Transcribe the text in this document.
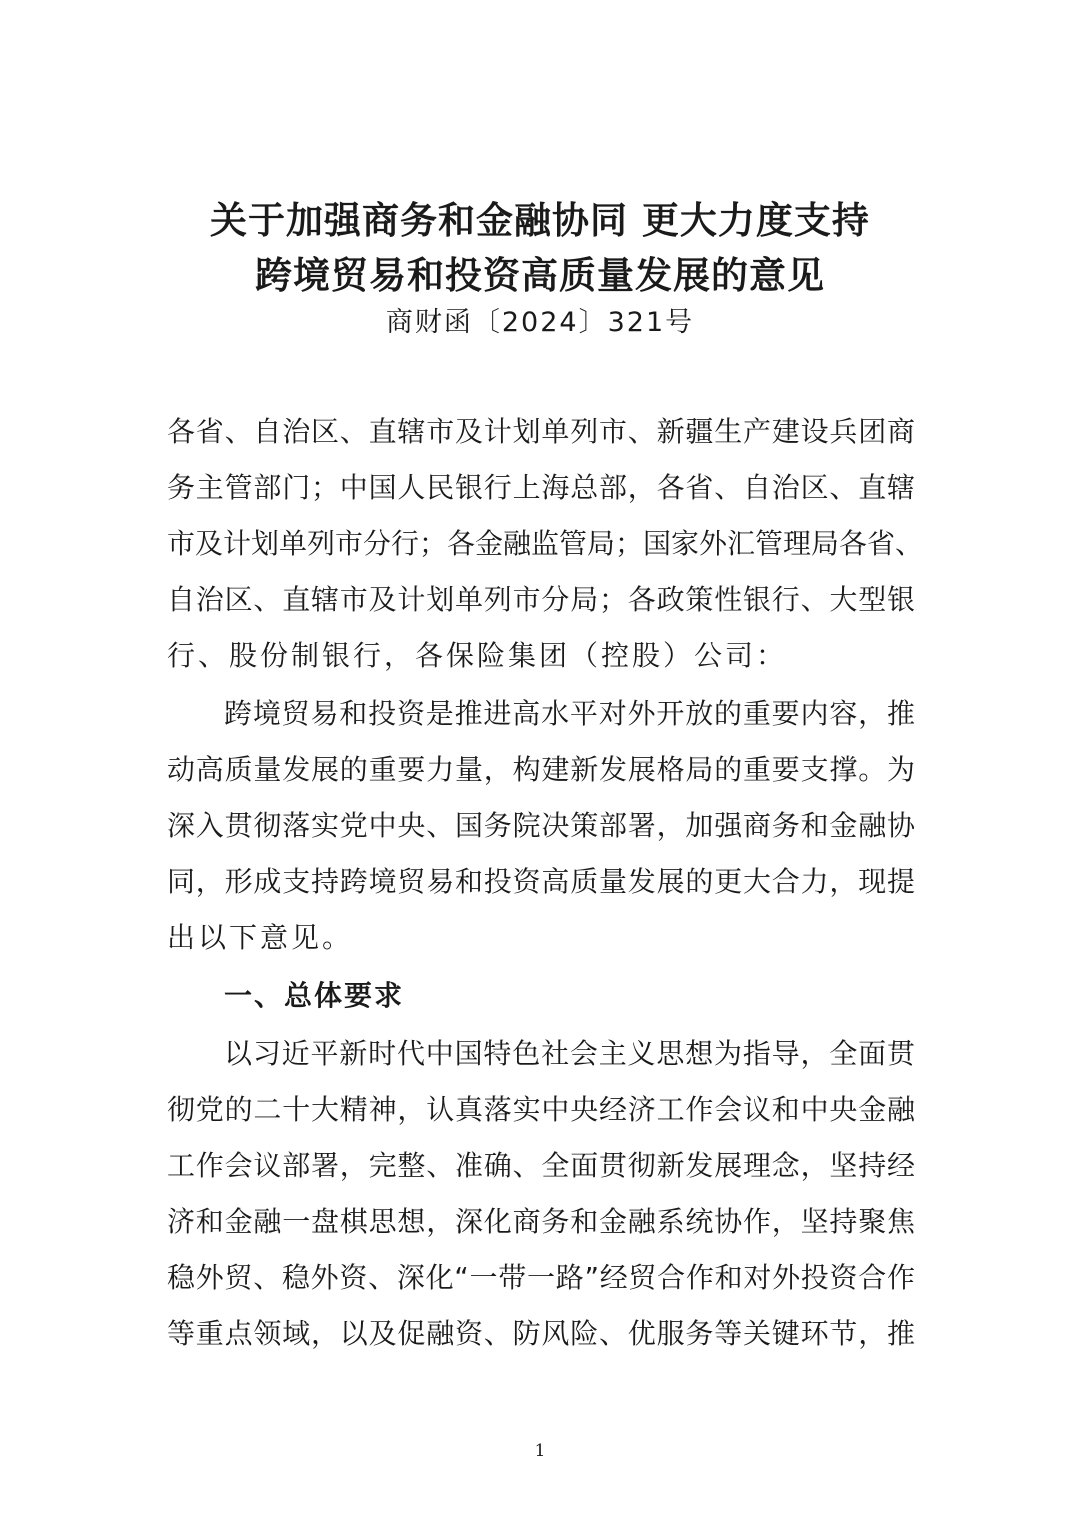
关于加强商务和金融协同 更大力度支持
跨境贸易和投资高质量发展的意见
商财函〔2024〕321号
各省、自治区、直辖市及计划单列市、新疆生产建设兵团商
务主管部门；中国人民银行上海总部，各省、自治区、直辖
市及计划单列市分行；各金融监管局；国家外汇管理局各省、
自治区、直辖市及计划单列市分局；各政策性银行、大型银
行、股份制银行，各保险集团（控股）公司：
跨境贸易和投资是推进高水平对外开放的重要内容，推
动高质量发展的重要力量，构建新发展格局的重要支撑。为
深入贯彻落实党中央、国务院决策部署，加强商务和金融协
同，形成支持跨境贸易和投资高质量发展的更大合力，现提
出以下意见。
一、总体要求
以习近平新时代中国特色社会主义思想为指导，全面贯
彻党的二十大精神，认真落实中央经济工作会议和中央金融
工作会议部署，完整、准确、全面贯彻新发展理念，坚持经
济和金融一盘棋思想，深化商务和金融系统协作，坚持聚焦
稳外贸、稳外资、深化“一带一路”经贸合作和对外投资合作
等重点领域，以及促融资、防风险、优服务等关键环节，推
1
